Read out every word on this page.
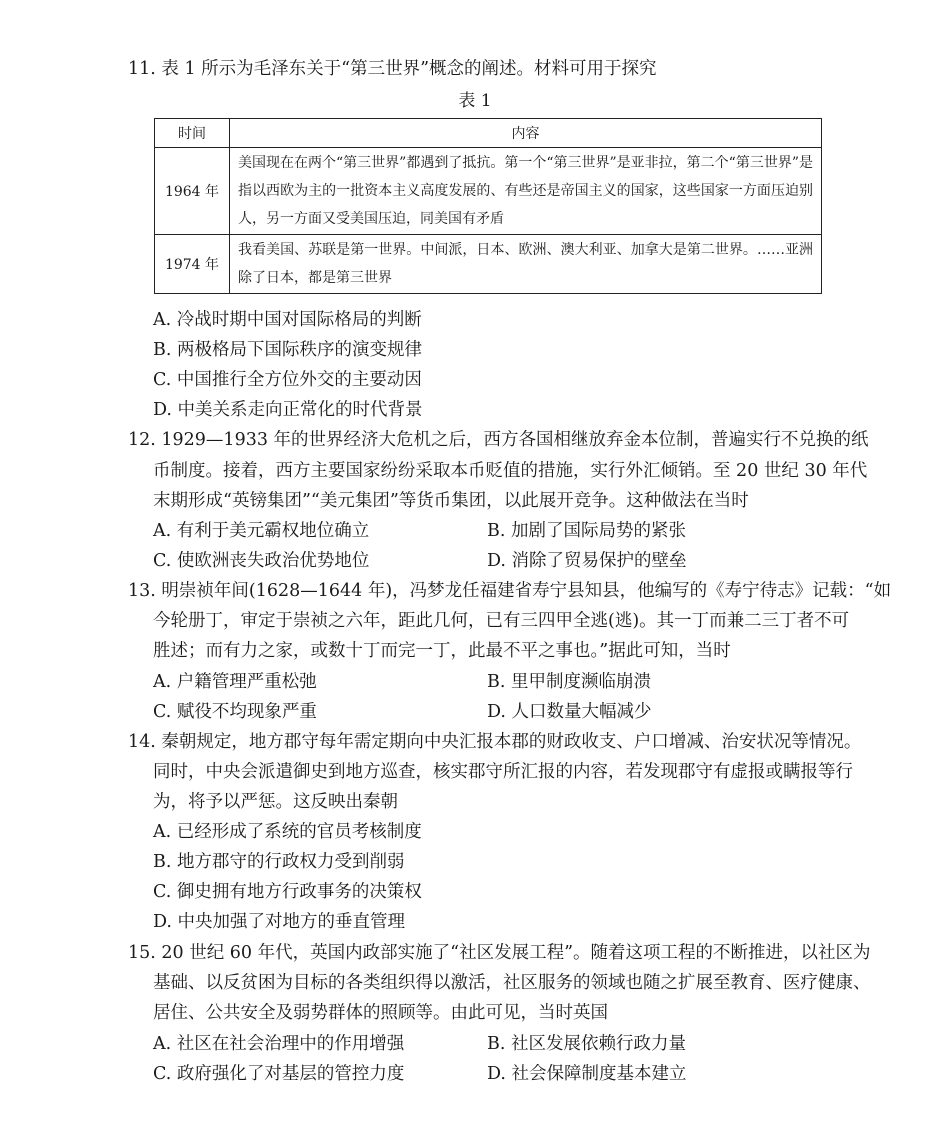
11. 表 1 所示为毛泽东关于“第三世界”概念的阐述。材料可用于探究
表 1
时间	内容
1964 年	美国现在在两个“第三世界”都遇到了抵抗。第一个“第三世界”是亚非拉，第二个“第三世界”是指以西欧为主的一批资本主义高度发展的、有些还是帝国主义的国家，这些国家一方面压迫别人，另一方面又受美国压迫，同美国有矛盾
1974 年	我看美国、苏联是第一世界。中间派，日本、欧洲、澳大利亚、加拿大是第二世界。……亚洲除了日本，都是第三世界
A. 冷战时期中国对国际格局的判断
B. 两极格局下国际秩序的演变规律
C. 中国推行全方位外交的主要动因
D. 中美关系走向正常化的时代背景
12. 1929—1933 年的世界经济大危机之后，西方各国相继放弃金本位制，普遍实行不兑换的纸
币制度。接着，西方主要国家纷纷采取本币贬值的措施，实行外汇倾销。至 20 世纪 30 年代
末期形成“英镑集团”“美元集团”等货币集团，以此展开竞争。这种做法在当时
A. 有利于美元霸权地位确立	B. 加剧了国际局势的紧张
C. 使欧洲丧失政治优势地位	D. 消除了贸易保护的壁垒
13. 明崇祯年间(1628—1644 年)，冯梦龙任福建省寿宁县知县，他编写的《寿宁待志》记载：“如
今轮册丁，审定于崇祯之六年，距此几何，已有三四甲全逃(逃)。其一丁而兼二三丁者不可
胜述；而有力之家，或数十丁而完一丁，此最不平之事也。”据此可知，当时
A. 户籍管理严重松弛	B. 里甲制度濒临崩溃
C. 赋役不均现象严重	D. 人口数量大幅减少
14. 秦朝规定，地方郡守每年需定期向中央汇报本郡的财政收支、户口增减、治安状况等情况。
同时，中央会派遣御史到地方巡查，核实郡守所汇报的内容，若发现郡守有虚报或瞒报等行
为，将予以严惩。这反映出秦朝
A. 已经形成了系统的官员考核制度
B. 地方郡守的行政权力受到削弱
C. 御史拥有地方行政事务的决策权
D. 中央加强了对地方的垂直管理
15. 20 世纪 60 年代，英国内政部实施了“社区发展工程”。随着这项工程的不断推进，以社区为
基础、以反贫困为目标的各类组织得以激活，社区服务的领域也随之扩展至教育、医疗健康、
居住、公共安全及弱势群体的照顾等。由此可见，当时英国
A. 社区在社会治理中的作用增强	B. 社区发展依赖行政力量
C. 政府强化了对基层的管控力度	D. 社会保障制度基本建立
